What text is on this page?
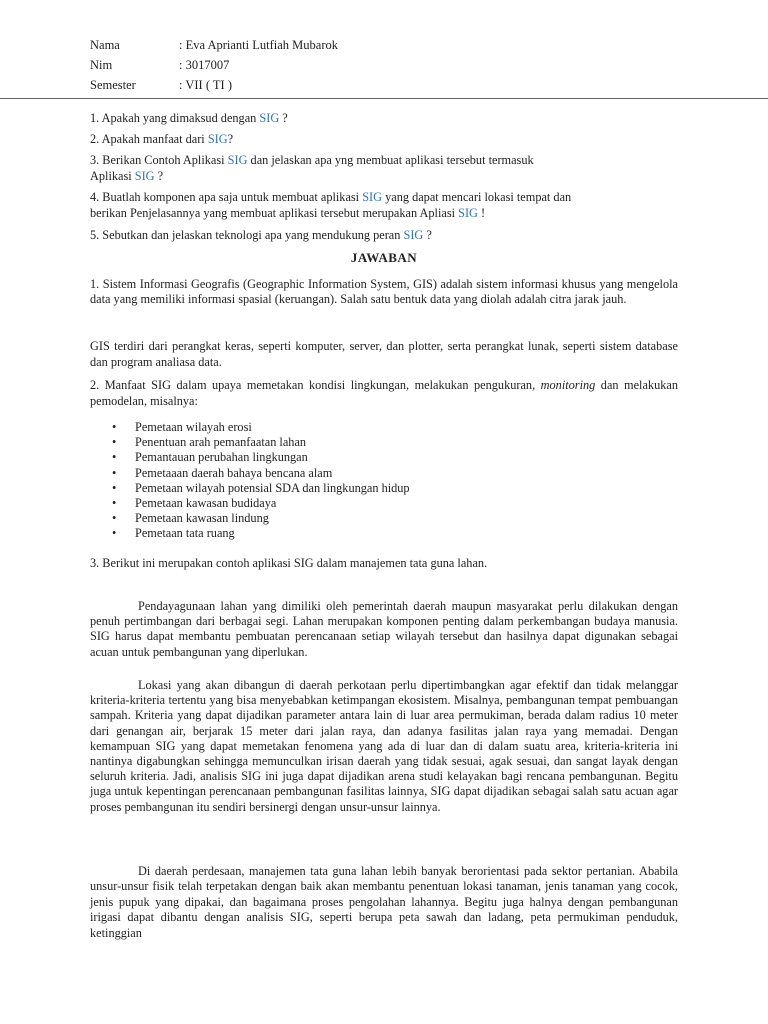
Nama	: Eva Aprianti Lutfiah Mubarok
Nim	: 3017007
Semester	: VII ( TI )

1. Apakah yang dimaksud dengan SIG ?

2. Apakah manfaat dari SIG?

3. Berikan Contoh Aplikasi SIG dan jelaskan apa yng membuat aplikasi tersebut termasuk
Aplikasi SIG ?
4. Buatlah komponen apa saja untuk membuat aplikasi SIG yang dapat mencari lokasi tempat dan
berikan Penjelasannya yang membuat aplikasi tersebut merupakan Apliasi SIG !

5. Sebutkan dan jelaskan teknologi apa yang mendukung peran SIG ?

JAWABAN

1. Sistem Informasi Geografis (Geographic Information System, GIS) adalah sistem informasi khusus yang mengelola data yang memiliki informasi spasial (keruangan). Salah satu bentuk data yang diolah adalah citra jarak jauh.

GIS terdiri dari perangkat keras, seperti komputer, server, dan plotter, serta perangkat lunak, seperti sistem database dan program analiasa data.

2. Manfaat SIG dalam upaya memetakan kondisi lingkungan, melakukan pengukuran, monitoring dan melakukan pemodelan, misalnya:

• Pemetaan wilayah erosi
• Penentuan arah pemanfaatan lahan
• Pemantauan perubahan lingkungan
• Pemetaaan daerah bahaya bencana alam
• Pemetaan wilayah potensial SDA dan lingkungan hidup
• Pemetaan kawasan budidaya
• Pemetaan kawasan lindung
• Pemetaan tata ruang

3. Berikut ini merupakan contoh aplikasi SIG dalam manajemen tata guna lahan.

Pendayagunaan lahan yang dimiliki oleh pemerintah daerah maupun masyarakat perlu dilakukan dengan penuh pertimbangan dari berbagai segi. Lahan merupakan komponen penting dalam perkembangan budaya manusia. SIG harus dapat membantu pembuatan perencanaan setiap wilayah tersebut dan hasilnya dapat digunakan sebagai acuan untuk pembangunan yang diperlukan.

Lokasi yang akan dibangun di daerah perkotaan perlu dipertimbangkan agar efektif dan tidak melanggar kriteria-kriteria tertentu yang bisa menyebabkan ketimpangan ekosistem. Misalnya, pembangunan tempat pembuangan sampah. Kriteria yang dapat dijadikan parameter antara lain di luar area permukiman, berada dalam radius 10 meter dari genangan air, berjarak 15 meter dari jalan raya, dan adanya fasilitas jalan raya yang memadai. Dengan kemampuan SIG yang dapat memetakan fenomena yang ada di luar dan di dalam suatu area, kriteria-kriteria ini nantinya digabungkan sehingga memunculkan irisan daerah yang tidak sesuai, agak sesuai, dan sangat layak dengan seluruh kriteria. Jadi, analisis SIG ini juga dapat dijadikan arena studi kelayakan bagi rencana pembangunan. Begitu juga untuk kepentingan perencanaan pembangunan fasilitas lainnya, SIG dapat dijadikan sebagai salah satu acuan agar proses pembangunan itu sendiri bersinergi dengan unsur-unsur lainnya.

Di daerah perdesaan, manajemen tata guna lahan lebih banyak berorientasi pada sektor pertanian. Ababila unsur-unsur fisik telah terpetakan dengan baik akan membantu penentuan lokasi tanaman, jenis tanaman yang cocok, jenis pupuk yang dipakai, dan bagaimana proses pengolahan lahannya. Begitu juga halnya dengan pembangunan irigasi dapat dibantu dengan analisis SIG, seperti berupa peta sawah dan ladang, peta permukiman penduduk, ketinggian
